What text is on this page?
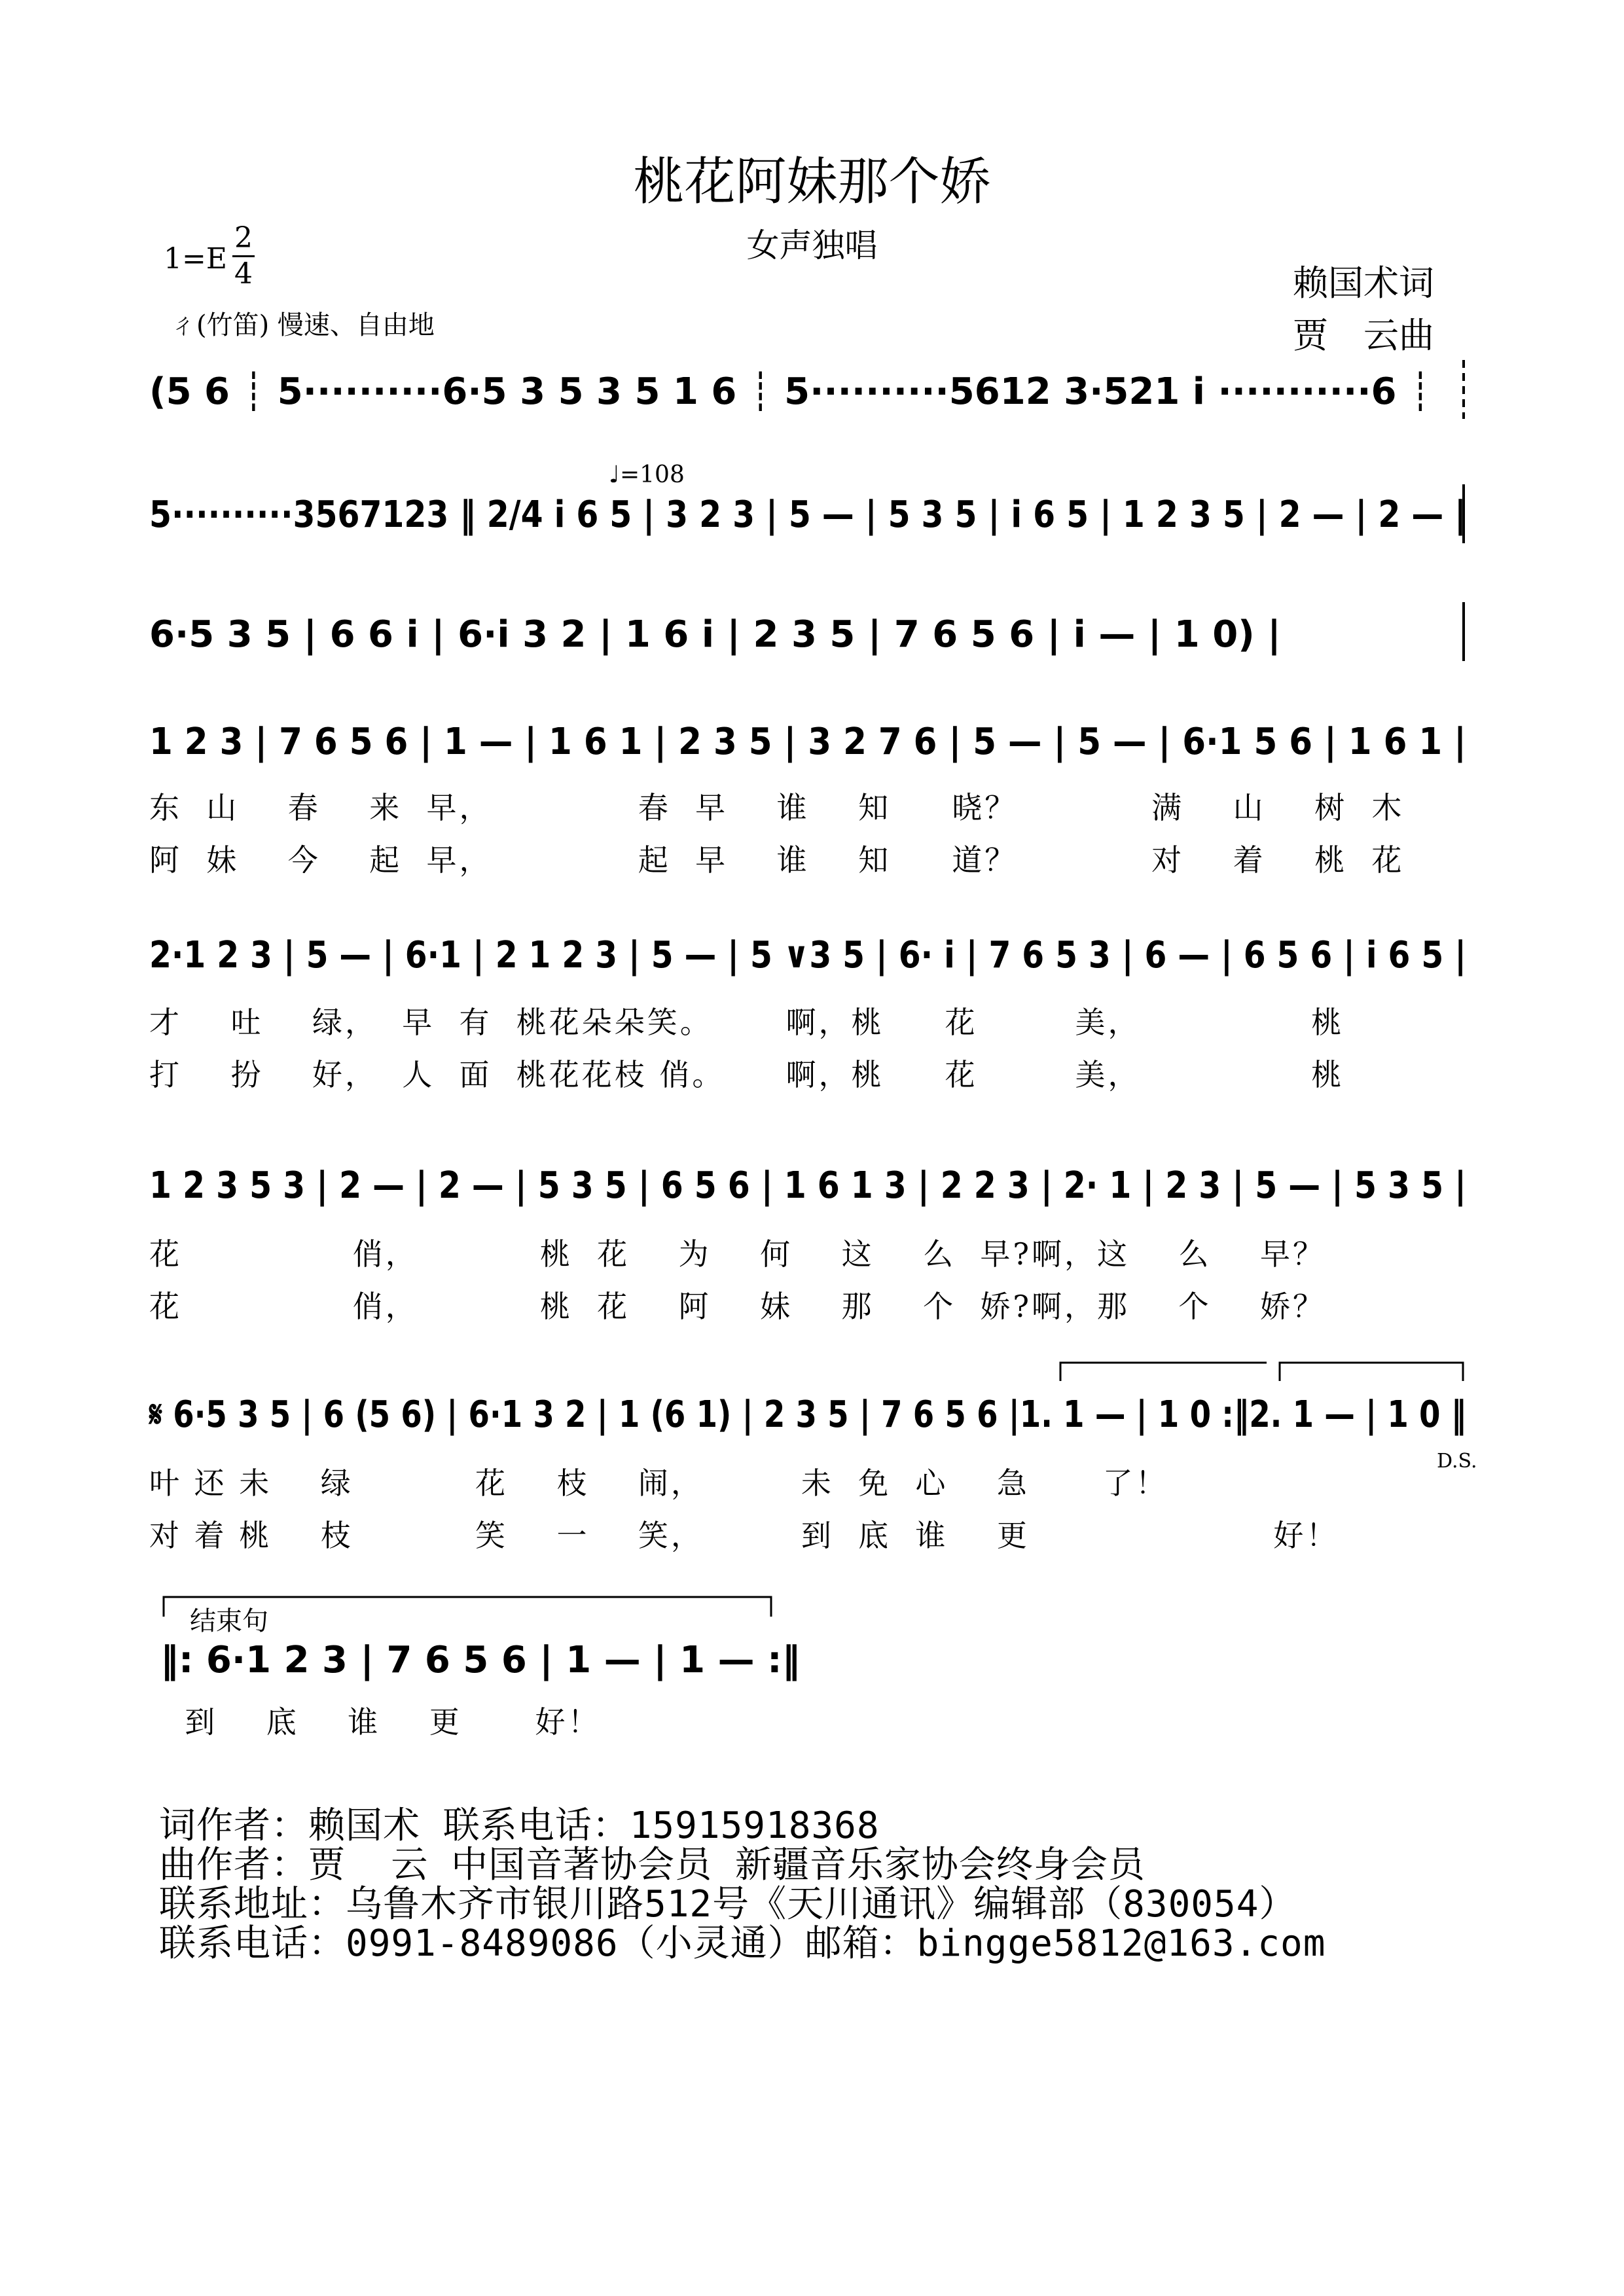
桃花阿妹那个娇
女声独唱
1=E
2
4	赖国术词
贾　云曲
ㄔ(竹笛) 慢速、自由地
♩=108
(5 6 ┊ 5··········6·5 3 5 3 5 1 6 ┊ 5··········5612 3·521 i ···········6 ┊
5··········3567123 ‖ 2/4 i 6 5 | 3 2 3 | 5 — | 5 3 5 | i 6 5 | 1 2 3 5 | 2 — | 2 — |
6·5 3 5 | 6 6 i | 6·i 3 2 | 1 6 i | 2 3 5 | 7 6 5 6 | i — | 1 0) |
1 2 3 | 7 6 5 6 | 1 — | 1 6 1 | 2 3 5 | 3 2 7 6 | 5 — | 5 — | 6·1 5 6 | 1 6 1 |
2·1 2 3 | 5 — | 6·1 | 2 1 2 3 | 5 — | 5 ∨3 5 | 6· i | 7 6 5 3 | 6 — | 6 5 6 | i 6 5 |
1 2 3 5 3 | 2 — | 2 — | 5 3 5 | 6 5 6 | 1 6 1 3 | 2 2 3 | 2· 1 | 2 3 | 5 — | 5 3 5 |
𝄋 6·5 3 5 | 6 (5 6) | 6·1 3 2 | 1 (6 1) | 2 3 5 | 7 6 5 6 |1. 1 — | 1 0 :‖2. 1 — | 1 0 ‖
‖: 6·1 2 3 | 7 6 5 6 | 1 — | 1 — :‖
东  山    春    来  早，            春  早    谁    知     晓？           满    山    树  木
阿  妹    今    起  早，            起  早    谁    知     道？           对    着    桃  花
才    吐    绿，  早  有  桃花朵朵笑。      啊，桃     花        美，              桃
打    扮    好，  人  面  桃花花枝 俏。     啊，桃     花        美，              桃
花              俏，          桃  花    为    何    这    么  早?啊，这    么    早？
花              俏，          桃  花    阿    妹    那    个  娇?啊，那    个    娇？
叶 还 未    绿          花    枝    闹，        未  免  心    急      了！
对 着 桃    枝          笑    一    笑，        到  底  谁    更                    好！
D.S.
结束句
到    底    谁    更      好！
词作者：赖国术 联系电话：15915918368
曲作者：贾  云 中国音著协会员 新疆音乐家协会终身会员
联系地址：乌鲁木齐市银川路512号《天川通讯》编辑部（830054）
联系电话：0991-8489086（小灵通）邮箱：bingge5812@163.com
